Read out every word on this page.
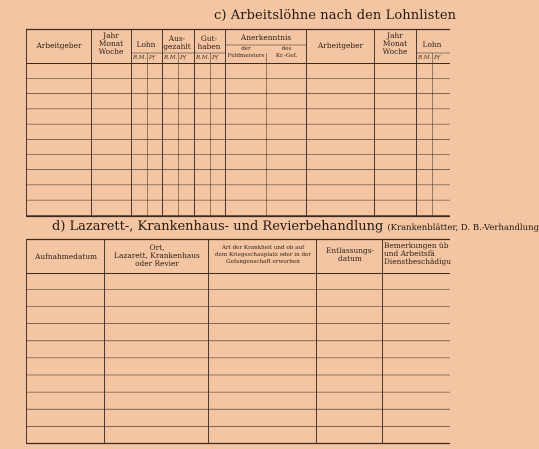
c) Arbeitslöhne nach den Lohnlisten
Arbeitgeber
Jahr
Monat
Woche
Lohn
Aus-
gezahlt
Gut-
haben
Anerkenntnis
der
Feldmeisters
des
Kr.-Gef.
Arbeitgeber
Jahr
Monat
Woche
Lohn
R.M. Pf R.M. Pf R.M. Pf	R.M. Pf
d) Lazarett-, Krankenhaus- und Revierbehandlung (Krankenblätter, D. B.-Verhandlung
Aufnahmedatum
Ort,
Lazarett, Krankenhaus
oder Revier
Art der Krankheit und ob auf
dem Kriegsschauplatz oder in der
Gefangenschaft erworben
Entlassungs-
datum
Bemerkungen üb
und Arbeitsfä
Dienstbeschädigu
